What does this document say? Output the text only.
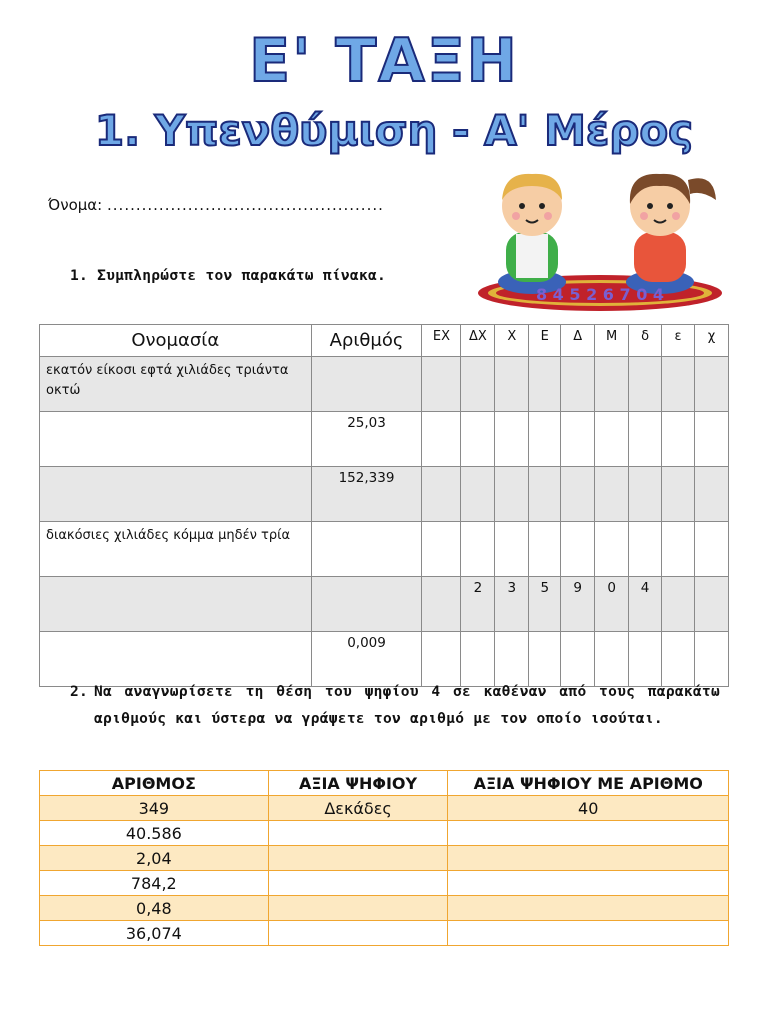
Ε' ΤΑΞΗ
1. Υπενθύμιση - Α' Μέρος
Όνομα: ................................................
8 4 5 2 6 7 0 4
1. Συμπληρώστε τον παρακάτω πίνακα.
Ονομασία	Αριθμός	ΕΧ	ΔΧ	Χ	Ε	Δ	Μ	δ	ε	χ
εκατόν είκοσι εφτά χιλιάδες τριάντα οκτώ										
	25,03									
	152,339									
διακόσιες χιλιάδες κόμμα μηδέν τρία										
			2	3	5	9	0	4		
	0,009									
2. Να αναγνωρίσετε τη θέση του ψηφίου 4 σε καθέναν από τους παρακάτω αριθμούς και ύστερα να γράψετε τον αριθμό με τον οποίο ισούται.
ΑΡΙΘΜΟΣ	ΑΞΙΑ ΨΗΦΙΟΥ	ΑΞΙΑ ΨΗΦΙΟΥ ΜΕ ΑΡΙΘΜΟ
349	Δεκάδες	40
40.586		
2,04		
784,2		
0,48		
36,074		
